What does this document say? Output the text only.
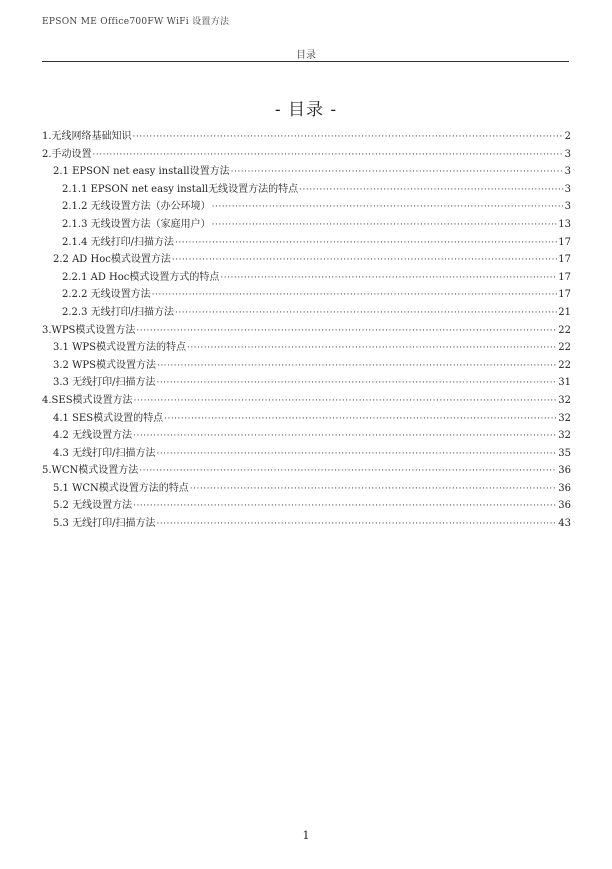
EPSON ME Office700FW WiFi 设置方法
目录
- 目录 -
1.无线网络基础知识 ·····	2
2.手动设置 ·····	3
2.1 EPSON net easy install设置方法 ·····	3
2.1.1 EPSON net easy install无线设置方法的特点 ·····	3
2.1.2 无线设置方法（办公环境） ·····	3
2.1.3 无线设置方法（家庭用户） ·····	13
2.1.4 无线打印/扫描方法 ·····	17
2.2 AD Hoc模式设置方法 ·····	17
2.2.1 AD Hoc模式设置方式的特点 ·····	17
2.2.2 无线设置方法 ·····	17
2.2.3 无线打印/扫描方法 ·····	21
3.WPS模式设置方法 ·····	22
3.1 WPS模式设置方法的特点 ·····	22
3.2 WPS模式设置方法 ·····	22
3.3 无线打印/扫描方法 ·····	31
4.SES模式设置方法 ·····	32
4.1 SES模式设置的特点 ·····	32
4.2 无线设置方法 ·····	32
4.3 无线打印/扫描方法 ·····	35
5.WCN模式设置方法 ·····	36
5.1 WCN模式设置方法的特点 ·····	36
5.2 无线设置方法 ·····	36
5.3 无线打印/扫描方法 ·····	43
1
